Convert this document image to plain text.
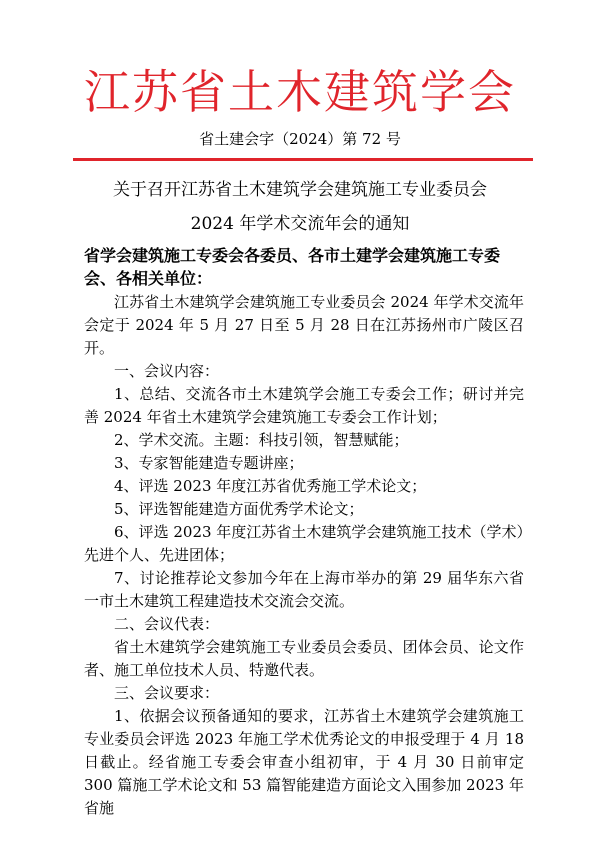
江苏省土木建筑学会
省土建会字（2024）第 72 号
关于召开江苏省土木建筑学会建筑施工专业委员会
2024 年学术交流年会的通知
省学会建筑施工专委会各委员、各市土建学会建筑施工专委会、各相关单位：

江苏省土木建筑学会建筑施工专业委员会 2024 年学术交流年会定于 2024 年 5 月 27 日至 5 月 28 日在江苏扬州市广陵区召开。

一、会议内容：

1、总结、交流各市土木建筑学会施工专委会工作；研讨并完善 2024 年省土木建筑学会建筑施工专委会工作计划；

2、学术交流。主题：科技引领，智慧赋能；

3、专家智能建造专题讲座；

4、评选 2023 年度江苏省优秀施工学术论文；

5、评选智能建造方面优秀学术论文；

6、评选 2023 年度江苏省土木建筑学会建筑施工技术（学术）先进个人、先进团体；

7、讨论推荐论文参加今年在上海市举办的第 29 届华东六省一市土木建筑工程建造技术交流会交流。

二、会议代表：

省土木建筑学会建筑施工专业委员会委员、团体会员、论文作者、施工单位技术人员、特邀代表。

三、会议要求：

1、依据会议预备通知的要求，江苏省土木建筑学会建筑施工专业委员会评选 2023 年施工学术优秀论文的申报受理于 4 月 18 日截止。经省施工专委会审查小组初审，于 4 月 30 日前审定 300 篇施工学术论文和 53 篇智能建造方面论文入围参加 2023 年省施
